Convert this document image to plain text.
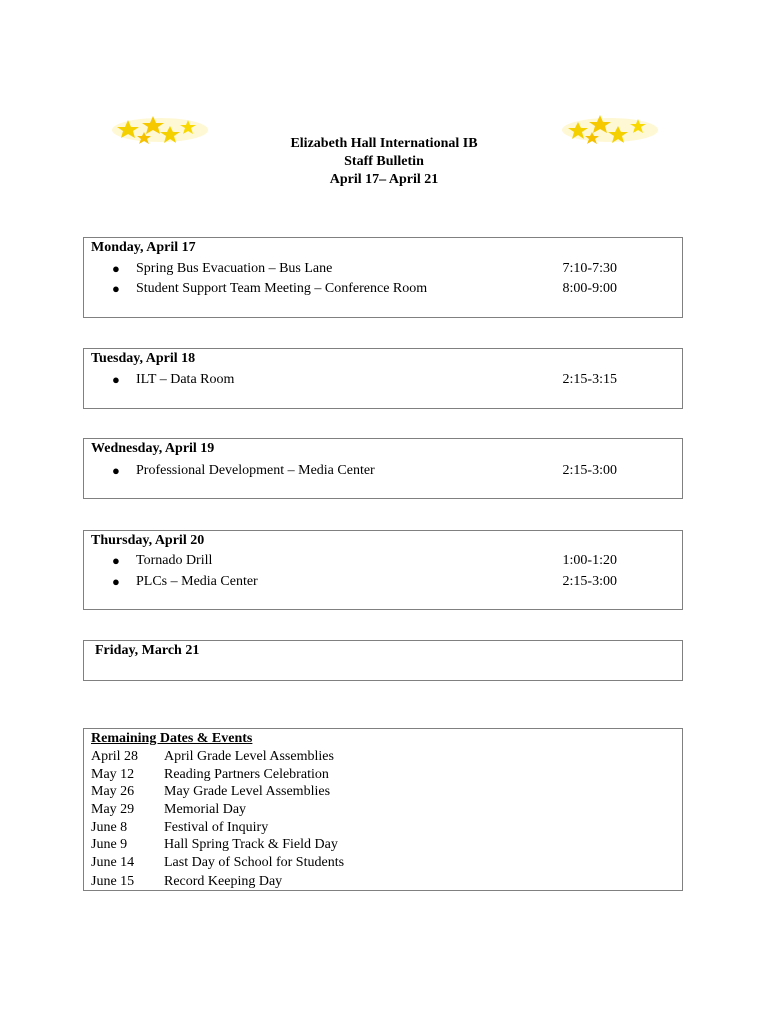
Elizabeth Hall International IB
Staff Bulletin
April 17– April 21
Monday, April 17
● Spring Bus Evacuation – Bus Lane	7:10-7:30
● Student Support Team Meeting – Conference Room	8:00-9:00
Tuesday, April 18
● ILT – Data Room	2:15-3:15
Wednesday, April 19
● Professional Development – Media Center	2:15-3:00
Thursday, April 20
● Tornado Drill	1:00-1:20
● PLCs – Media Center	2:15-3:00
Friday, March 21
Remaining Dates & Events
April 28 April Grade Level Assemblies
May 12 Reading Partners Celebration
May 26 May Grade Level Assemblies
May 29 Memorial Day
June 8	Festival of Inquiry
June 9	Hall Spring Track & Field Day
June 14 Last Day of School for Students
June 15 Record Keeping Day
